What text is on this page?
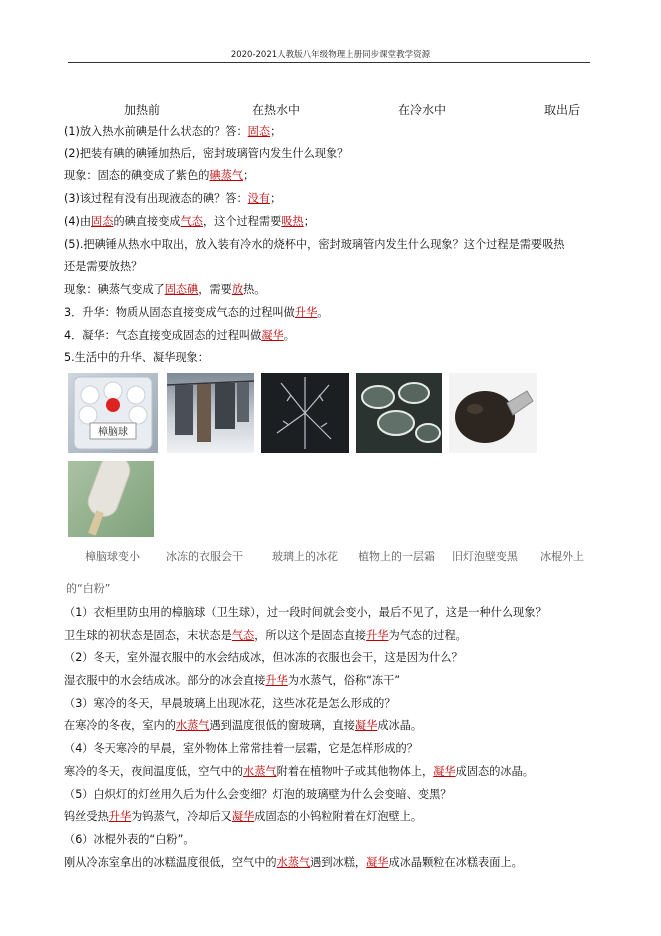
2020-2021人教版八年级物理上册同步课堂教学资源
加热前	在热水中	在冷水中	取出后
(1)放入热水前碘是什么状态的？答：固态；
(2)把装有碘的碘锤加热后，密封玻璃管内发生什么现象？
现象：固态的碘变成了紫色的碘蒸气；
(3)该过程有没有出现液态的碘？答：没有；
(4)由固态的碘直接变成气态，这个过程需要吸热；
(5).把碘锤从热水中取出，放入装有冷水的烧杯中，密封玻璃管内发生什么现象？这个过程是需要吸热
还是需要放热？
现象：碘蒸气变成了固态碘，需要放热。
3．升华：物质从固态直接变成气态的过程叫做升华。
4．凝华：气态直接变成固态的过程叫做凝华。
5.生活中的升华、凝华现象：
樟脑球
樟脑球变小 冰冻的衣服会干	玻璃上的冰花 植物上的一层霜 旧灯泡壁变黑 冰棍外上
的“白粉”
（1）衣柜里防虫用的樟脑球（卫生球），过一段时间就会变小，最后不见了，这是一种什么现象？
卫生球的初状态是固态，末状态是气态，所以这个是固态直接升华为气态的过程。
（2）冬天，室外湿衣服中的水会结成冰，但冰冻的衣服也会干，这是因为什么？
湿衣服中的水会结成冰。部分的冰会直接升华为水蒸气，俗称“冻干”
（3）寒冷的冬天，早晨玻璃上出现冰花，这些冰花是怎么形成的？
在寒冷的冬夜，室内的水蒸气遇到温度很低的窗玻璃，直接凝华成冰晶。
（4）冬天寒冷的早晨，室外物体上常常挂着一层霜，它是怎样形成的？
寒冷的冬天，夜间温度低，空气中的水蒸气附着在植物叶子或其他物体上，凝华成固态的冰晶。
（5）白炽灯的灯丝用久后为什么会变细？灯泡的玻璃壁为什么会变暗、变黑？
钨丝受热升华为钨蒸气，冷却后又凝华成固态的小钨粒附着在灯泡壁上。
（6）冰棍外表的“白粉”。
刚从冷冻室拿出的冰糕温度很低，空气中的水蒸气遇到冰糕，凝华成冰晶颗粒在冰糕表面上。
